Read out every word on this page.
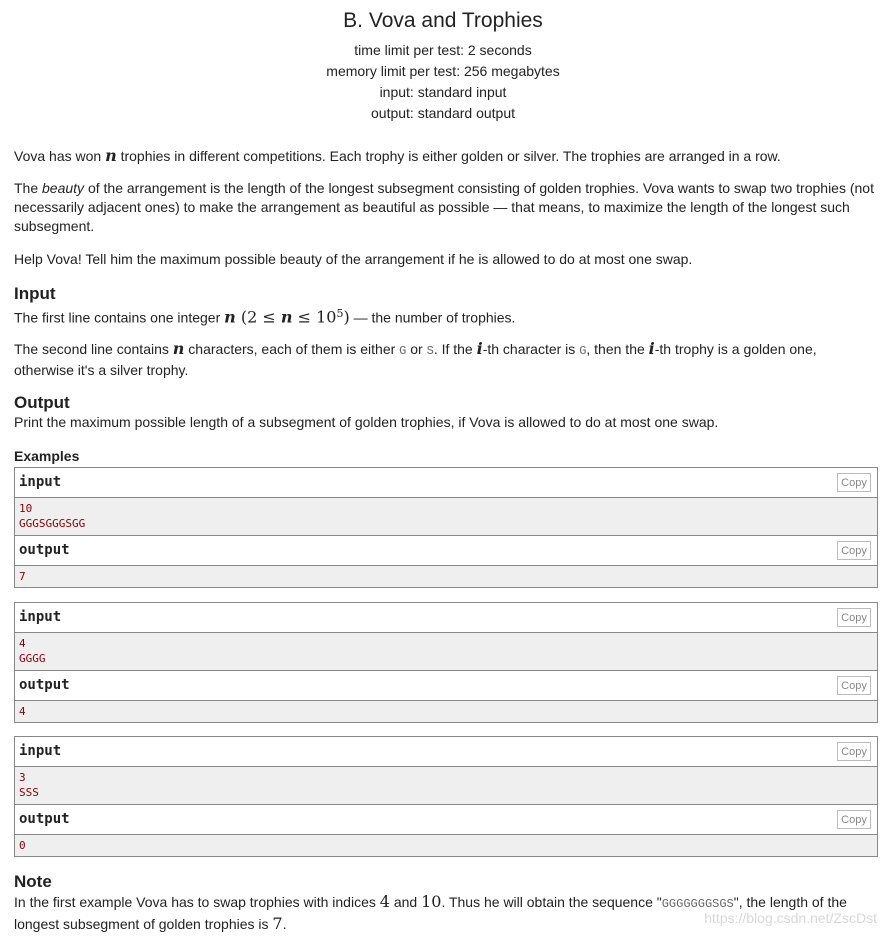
B. Vova and Trophies
time limit per test: 2 seconds
memory limit per test: 256 megabytes
input: standard input
output: standard output

Vova has won n trophies in different competitions. Each trophy is either golden or silver. The trophies are arranged in a row.

The beauty of the arrangement is the length of the longest subsegment consisting of golden trophies. Vova wants to swap two trophies (not necessarily adjacent ones) to make the arrangement as beautiful as possible — that means, to maximize the length of the longest such subsegment.

Help Vova! Tell him the maximum possible beauty of the arrangement if he is allowed to do at most one swap.

Input

The first line contains one integer n $(2 \le n \le 10^5)$ — the number of trophies.

The second line contains n characters, each of them is either G or S. If the i-th character is G, then the i-th trophy is a golden one, otherwise it's a silver trophy.

Output

Print the maximum possible length of a subsegment of golden trophies, if Vova is allowed to do at most one swap.

Examples
input	Copy
10
GGGSGGGSGG
output	Copy
7
input	Copy
4
GGGG
output	Copy
4
input	Copy
3
SSS
output	Copy
0
Note

In the first example Vova has to swap trophies with indices 4 and 10. Thus he will obtain the sequence "GGGGGGGSGS", the length of the longest subsegment of golden trophies is 7.	https://blog.csdn.net/ZscDst
